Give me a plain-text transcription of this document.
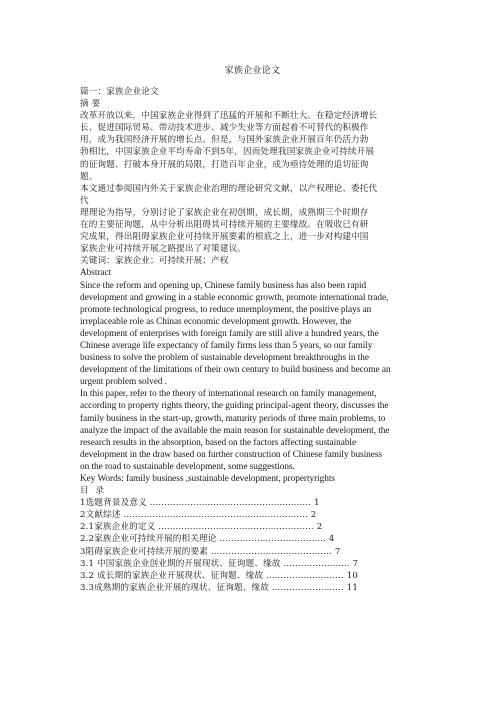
家族企业论文
篇一：家族企业论文
摘 要
改革开放以来，中国家族企业得到了迅猛的开展和不断壮大。在稳定经济增长
长、促进国际贸易、带动技术进步、减少失业等方面起着不可替代的积极作
用，成为我国经济开展的增长点。但是，与国外家族企业开展百年仍活力勃
勃相比，中国家族企业平均寿命不到5年，因而处理我国家族企业可持续开展
的征询题、打破本身开展的局限，打造百年企业，成为亟待处理的追切征询
题。
本文通过参阅国内外关于家族企业治理的理论研究文献，以产权理论、委托代
代
理理论为指导，分别讨论了家族企业在初创期，成长期，成熟期三个时期存
在的主要征询题，从中分析出阻碍其可持续开展的主要缘故。在吸收已有研
究成果，得出阻碍家族企业可持续开展要素的根底之上，进一步对构建中国
家族企业可持续开展之路提出了对策建议。
关键词：家族企业；可持续开展；产权
Abstract
Since the reform and opening up, Chinese family business has also been rapid
development and growing in a stable economic growth, promote international trade,
promote technological progress, to reduce unemployment, the positive plays an
irreplaceable role as Chinas economic development growth. However, the
development of enterprises with foreign family are still alive a hundred years, the
Chinese average life expectancy of family firms less than 5 years, so our family
business to solve the problem of sustainable development breakthroughs in the
development of the limitations of their own century to build business and become an
urgent problem solved .
In this paper, refer to the theory of international research on family management,
according to property rights theory, the guiding principal-agent theory, discusses the
family business in the start-up, growth, maturity periods of three main problems, to
analyze the impact of the available the main reason for sustainable development, the
research results in the absorption, based on the factors affecting sustainable
development in the draw based on further construction of Chinese family business
on the road to sustainable development, some suggestions.
Key Words: family business ,sustainable development, propertyrights
目 录
1选题背景及意义 ........................................................ 1
2文献综述 ................................................................ 2
2.1家族企业的定义 ...................................................... 2
2.2家族企业可持续开展的相关理论 ..................................... 4
3阻碍家族企业可持续开展的要素 .......................................... 7
3.1 中国家族企业创业期的开展现状、征询题、缘故 ....................... 7
3.2 成长期的家族企业开展现状、征询题、缘故 ........................... 10
3.3成熟期的家族企业开展的现状、征询题、缘故 ......................... 11
